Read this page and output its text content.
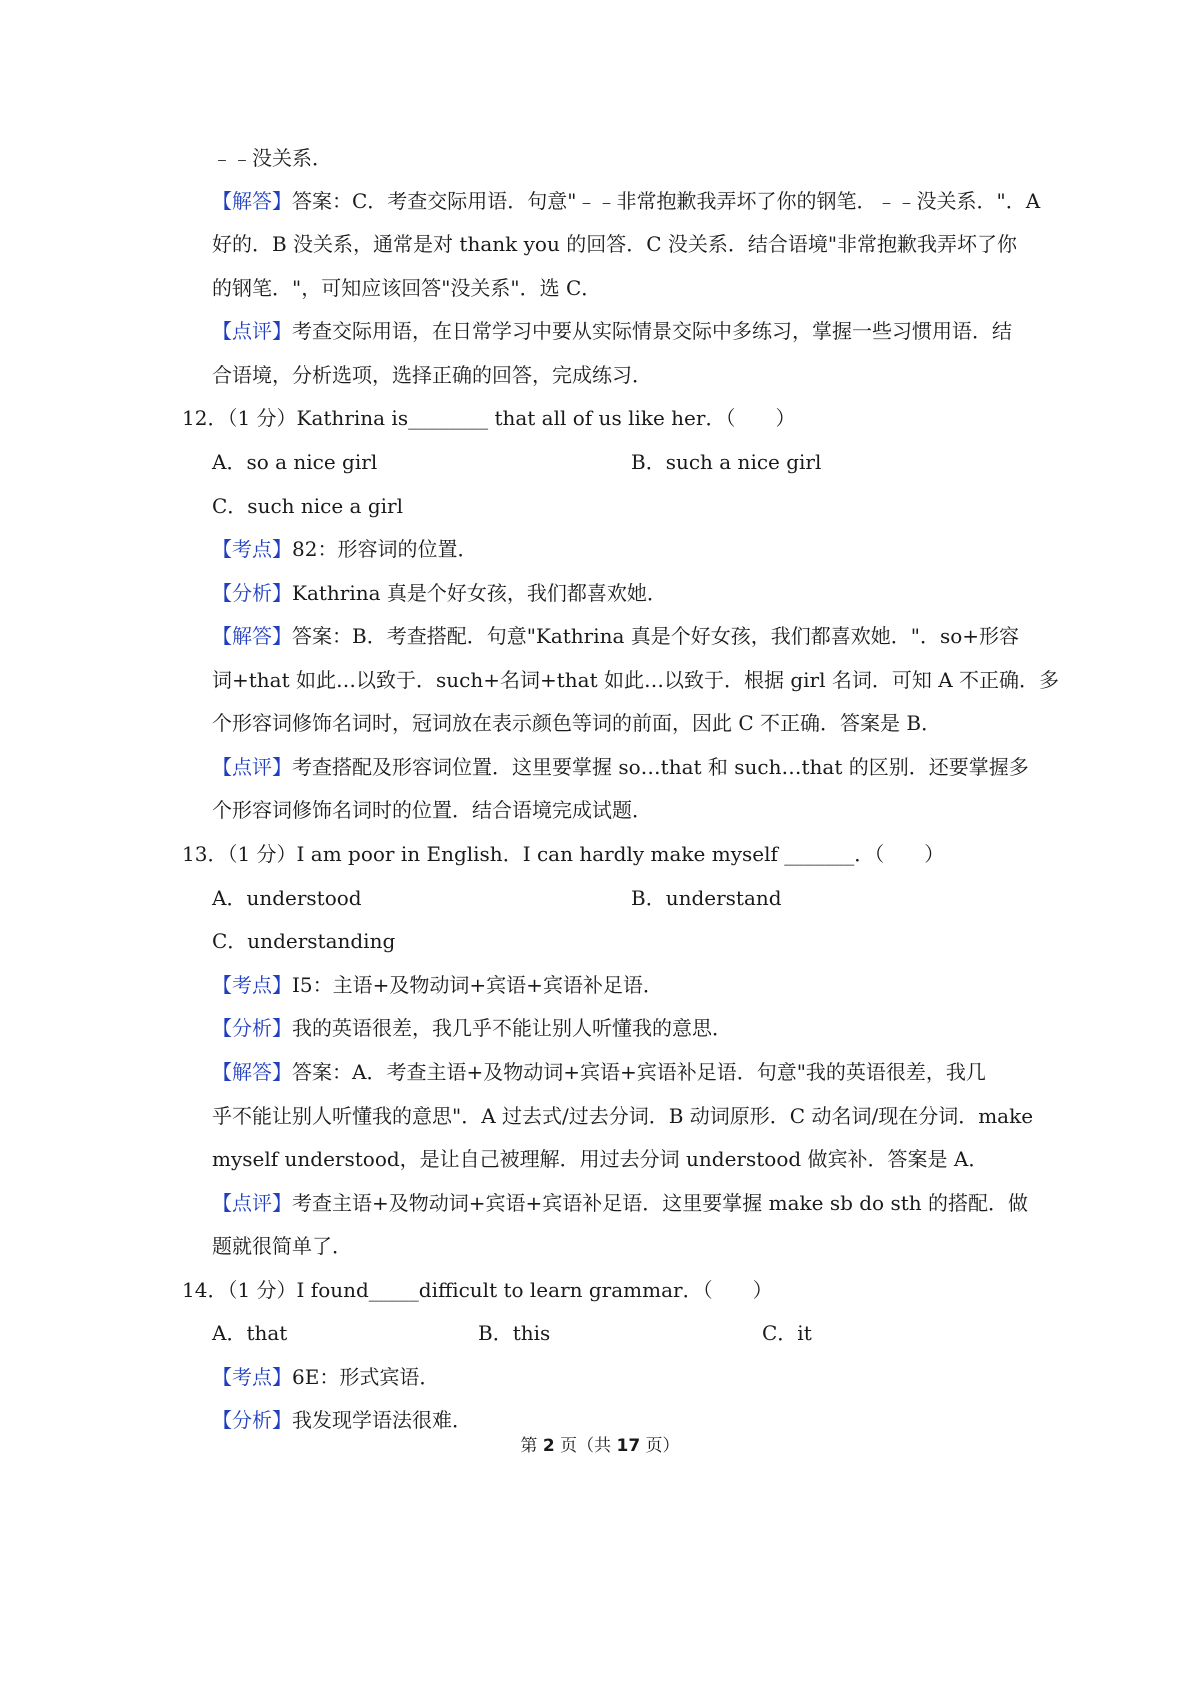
﹣﹣没关系．
【解答】答案：C．考查交际用语．句意"﹣﹣非常抱歉我弄坏了你的钢笔．﹣﹣没关系．"．A
好的．B 没关系，通常是对 thank you 的回答．C 没关系．结合语境"非常抱歉我弄坏了你
的钢笔．"，可知应该回答"没关系"．选 C．
【点评】考查交际用语，在日常学习中要从实际情景交际中多练习，掌握一些习惯用语．结
合语境，分析选项，选择正确的回答，完成练习．
12．（1 分）Kathrina is________ that all of us like her．（　　）
A．so a nice girl	B．such a nice girl
C．such nice a girl
【考点】82：形容词的位置．
【分析】Kathrina 真是个好女孩，我们都喜欢她．
【解答】答案：B．考查搭配．句意"Kathrina 真是个好女孩，我们都喜欢她．"．so+形容
词+that 如此…以致于．such+名词+that 如此…以致于．根据 girl 名词．可知 A 不正确．多
个形容词修饰名词时，冠词放在表示颜色等词的前面，因此 C 不正确．答案是 B．
【点评】考查搭配及形容词位置．这里要掌握 so…that 和 such…that 的区别．还要掌握多
个形容词修饰名词时的位置．结合语境完成试题．
13．（1 分）I am poor in English．I can hardly make myself _______．（　　）
A．understood	B．understand
C．understanding
【考点】I5：主语+及物动词+宾语+宾语补足语．
【分析】我的英语很差，我几乎不能让别人听懂我的意思．
【解答】答案：A．考查主语+及物动词+宾语+宾语补足语．句意"我的英语很差，我几
乎不能让别人听懂我的意思"．A 过去式/过去分词．B 动词原形．C 动名词/现在分词．make
myself understood，是让自己被理解．用过去分词 understood 做宾补．答案是 A．
【点评】考查主语+及物动词+宾语+宾语补足语．这里要掌握 make sb do sth 的搭配．做
题就很简单了．
14．（1 分）I found_____difficult to learn grammar．（　　）
A．that	B．this	C．it
【考点】6E：形式宾语．
【分析】我发现学语法很难．
第 2 页（共 17 页）
